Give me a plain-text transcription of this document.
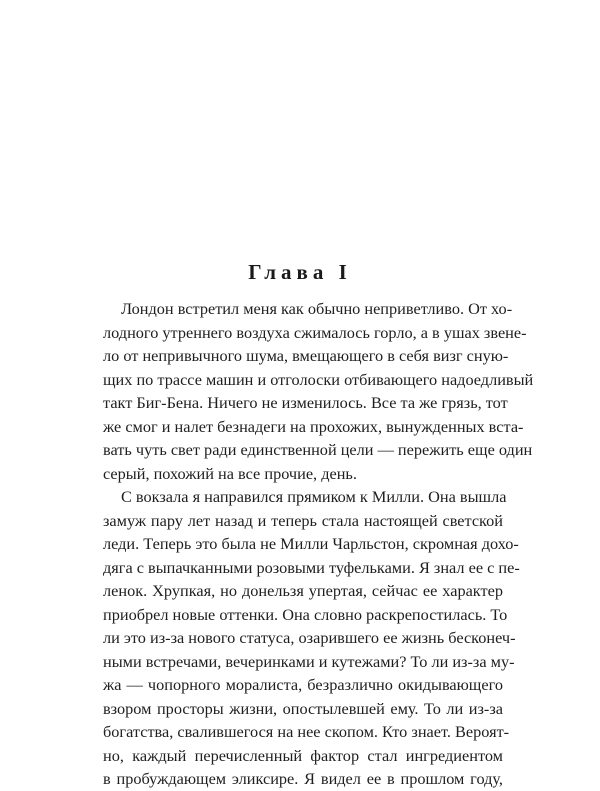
Глава I
Лондон встретил меня как обычно неприветливо. От хо-
лодного утреннего воздуха сжималось горло, а в ушах звене-
ло от непривычного шума, вмещающего в себя визг сную-
щих по трассе машин и отголоски отбивающего надоедливый
такт Биг-Бена. Ничего не изменилось. Все та же грязь, тот
же смог и налет безнадеги на прохожих, вынужденных вста-
вать чуть свет ради единственной цели — пережить еще один
серый, похожий на все прочие, день.
С вокзала я направился прямиком к Милли. Она вышла
замуж пару лет назад и теперь стала настоящей светской
леди. Теперь это была не Милли Чарльстон, скромная дохо-
дяга с выпачканными розовыми туфельками. Я знал ее с пе-
ленок. Хрупкая, но донельзя упертая, сейчас ее характер
приобрел новые оттенки. Она словно раскрепостилась. То
ли это из-за нового статуса, озарившего ее жизнь бесконеч-
ными встречами, вечеринками и кутежами? То ли из-за му-
жа — чопорного моралиста, безразлично окидывающего
взором просторы жизни, опостылевшей ему. То ли из-за
богатства, свалившегося на нее скопом. Кто знает. Вероят-
но, каждый перечисленный фактор стал ингредиентом
в пробуждающем эликсире. Я видел ее в прошлом году,
